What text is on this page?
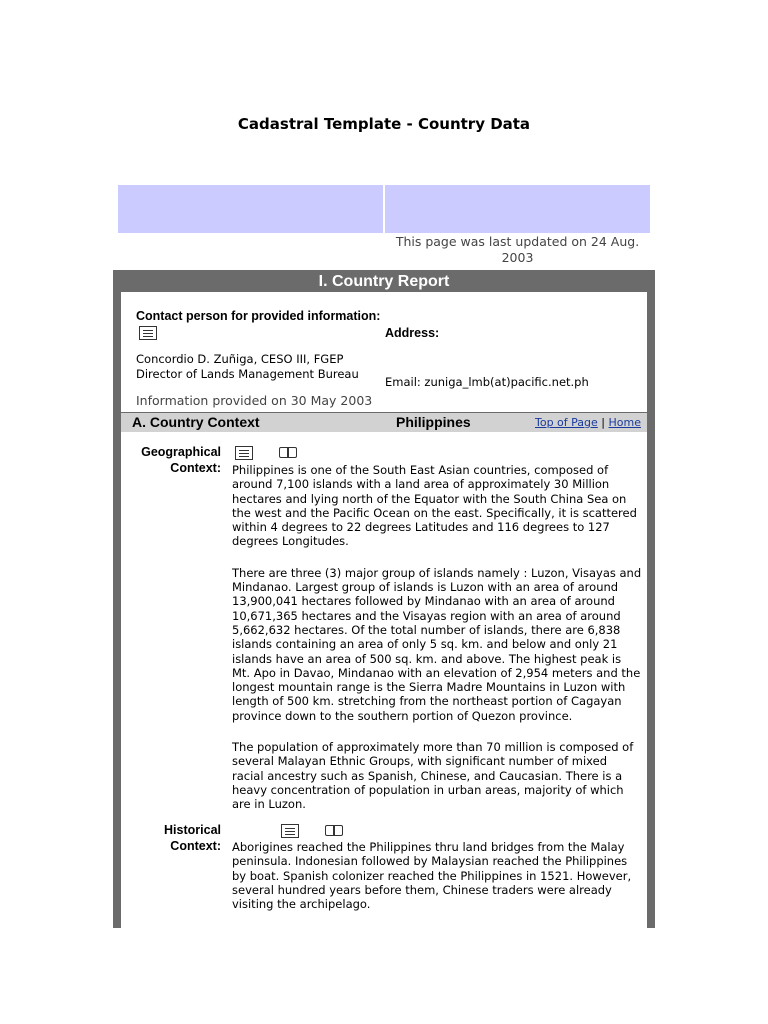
Cadastral Template - Country Data
This page was last updated on 24 Aug. 2003
I. Country Report
Contact person for provided information:
Concordio D. Zuñiga, CESO III, FGEP
Director of Lands Management Bureau
Address:
Email: zuniga_lmb(at)pacific.net.ph
Information provided on 30 May 2003
A. Country Context	Philippines	Top of Page | Home
Geographical
Context:
Philippines is one of the South East Asian countries, composed of around 7,100 islands with a land area of approximately 30 Million hectares and lying north of the Equator with the South China Sea on the west and the Pacific Ocean on the east. Specifically, it is scattered within 4 degrees to 22 degrees Latitudes and 116 degrees to 127 degrees Longitudes.
There are three (3) major group of islands namely : Luzon, Visayas and Mindanao. Largest group of islands is Luzon with an area of around 13,900,041 hectares followed by Mindanao with an area of around 10,671,365 hectares and the Visayas region with an area of around 5,662,632 hectares. Of the total number of islands, there are 6,838 islands containing an area of only 5 sq. km. and below and only 21 islands have an area of 500 sq. km. and above. The highest peak is Mt. Apo in Davao, Mindanao with an elevation of 2,954 meters and the longest mountain range is the Sierra Madre Mountains in Luzon with length of 500 km. stretching from the northeast portion of Cagayan province down to the southern portion of Quezon province.
The population of approximately more than 70 million is composed of several Malayan Ethnic Groups, with significant number of mixed racial ancestry such as Spanish, Chinese, and Caucasian. There is a heavy concentration of population in urban areas, majority of which are in Luzon.
Historical
Context:
Aborigines reached the Philippines thru land bridges from the Malay peninsula. Indonesian followed by Malaysian reached the Philippines by boat. Spanish colonizer reached the Philippines in 1521. However, several hundred years before them, Chinese traders were already visiting the archipelago.
